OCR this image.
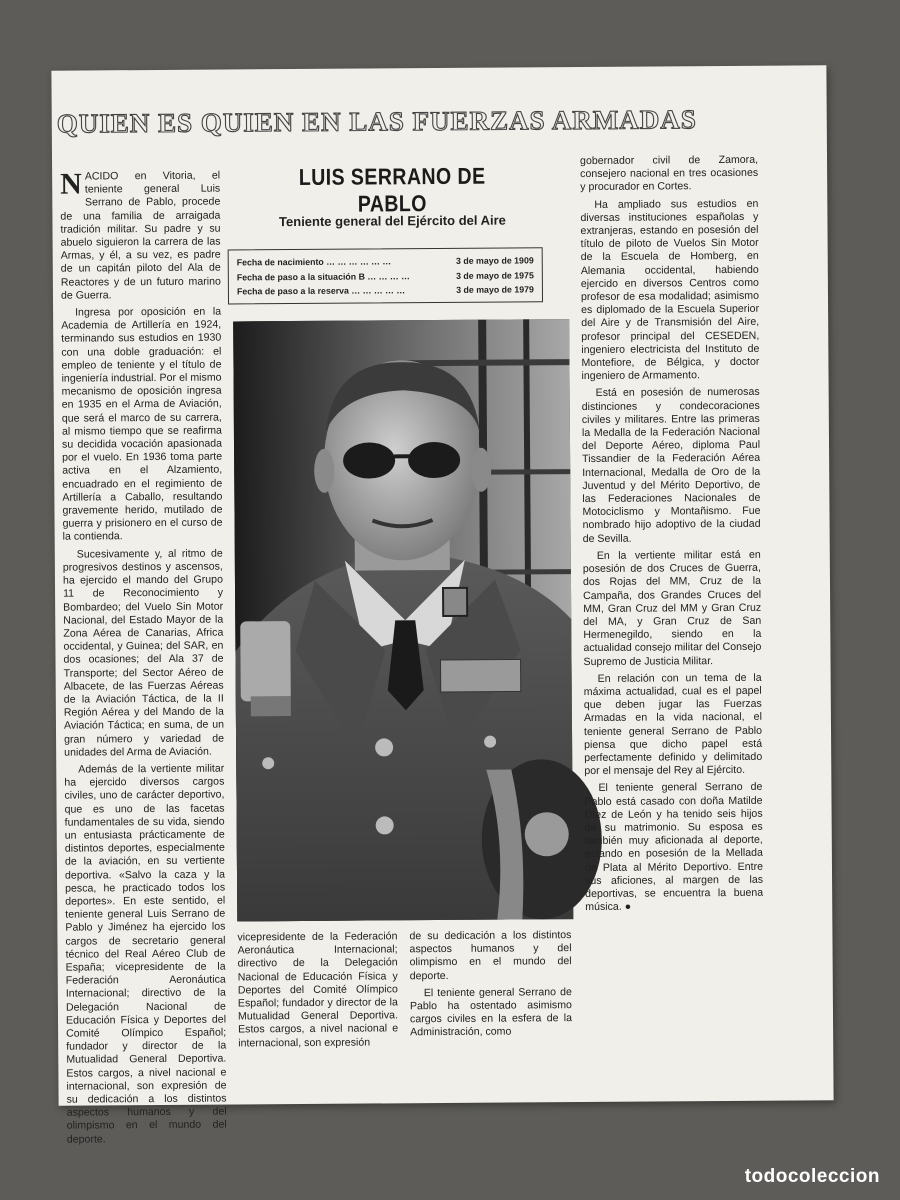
QUIEN ES QUIEN EN LAS FUERZAS ARMADAS

NACIDO en Vitoria, el teniente general Luis Serrano de Pablo, procede de una familia de arraigada tradición militar. Su padre y su abuelo siguieron la carrera de las Armas, y él, a su vez, es padre de un capitán piloto del Ala de Reactores y de un futuro marino de Guerra.

Ingresa por oposición en la Academia de Artillería en 1924, terminando sus estudios en 1930 con una doble graduación: el empleo de teniente y el título de ingeniería industrial. Por el mismo mecanismo de oposición ingresa en 1935 en el Arma de Aviación, que será el marco de su carrera, al mismo tiempo que se reafirma su decidida vocación apasionada por el vuelo. En 1936 toma parte activa en el Alzamiento, encuadrado en el regimiento de Artillería a Caballo, resultando gravemente herido, mutilado de guerra y prisionero en el curso de la contienda.

Sucesivamente y, al ritmo de progresivos destinos y ascensos, ha ejercido el mando del Grupo 11 de Reconocimiento y Bombardeo; del Vuelo Sin Motor Nacional, del Estado Mayor de la Zona Aérea de Canarias, Africa occidental, y Guinea; del SAR, en dos ocasiones; del Ala 37 de Transporte; del Sector Aéreo de Albacete, de las Fuerzas Aéreas de la Aviación Táctica, de la II Región Aérea y del Mando de la Aviación Táctica; en suma, de un gran número y variedad de unidades del Arma de Aviación.

Además de la vertiente militar ha ejercido diversos cargos civiles, uno de carácter deportivo, que es uno de las facetas fundamentales de su vida, siendo un entusiasta prácticamente de distintos deportes, especialmente de la aviación, en su vertiente deportiva. «Salvo la caza y la pesca, he practicado todos los deportes». En este sentido, el teniente general Luis Serrano de Pablo y Jiménez ha ejercido los cargos de secretario general técnico del Real Aéreo Club de España; vicepresidente de la Federación Aeronáutica Internacional; directivo de la Delegación Nacional de Educación Física y Deportes del Comité Olímpico Español; fundador y director de la Mutualidad General Deportiva. Estos cargos, a nivel nacional e internacional, son expresión de su dedicación a los distintos aspectos humanos y del olimpismo en el mundo del deporte.

LUIS SERRANO DE PABLO
Teniente general del Ejército del Aire
Fecha de nacimiento … … … … … …	3 de mayo de 1909
Fecha de paso a la situación B … … … …	3 de mayo de 1975
Fecha de paso a la reserva … … … … …	3 de mayo de 1979

vicepresidente de la Federación Aeronáutica Internacional; directivo de la Delegación Nacional de Educación Física y Deportes del Comité Olímpico Español; fundador y director de la Mutualidad General Deportiva. Estos cargos, a nivel nacional e internacional, son expresión

de su dedicación a los distintos aspectos humanos y del olimpismo en el mundo del deporte.

El teniente general Serrano de Pablo ha ostentado asimismo cargos civiles en la esfera de la Administración, como

gobernador civil de Zamora, consejero nacional en tres ocasiones y procurador en Cortes.

Ha ampliado sus estudios en diversas instituciones españolas y extranjeras, estando en posesión del título de piloto de Vuelos Sin Motor de la Escuela de Homberg, en Alemania occidental, habiendo ejercido en diversos Centros como profesor de esa modalidad; asimismo es diplomado de la Escuela Superior del Aire y de Transmisión del Aire, profesor principal del CESEDEN, ingeniero electricista del Instituto de Montefiore, de Bélgica, y doctor ingeniero de Armamento.

Está en posesión de numerosas distinciones y condecoraciones civiles y militares. Entre las primeras la Medalla de la Federación Nacional del Deporte Aéreo, diploma Paul Tissandier de la Federación Aérea Internacional, Medalla de Oro de la Juventud y del Mérito Deportivo, de las Federaciones Nacionales de Motociclismo y Montañismo. Fue nombrado hijo adoptivo de la ciudad de Sevilla.

En la vertiente militar está en posesión de dos Cruces de Guerra, dos Rojas del MM, Cruz de la Campaña, dos Grandes Cruces del MM, Gran Cruz del MM y Gran Cruz del MA, y Gran Cruz de San Hermenegildo, siendo en la actualidad consejo militar del Consejo Supremo de Justicia Militar.

En relación con un tema de la máxima actualidad, cual es el papel que deben jugar las Fuerzas Armadas en la vida nacional, el teniente general Serrano de Pablo piensa que dicho papel está perfectamente definido y delimitado por el mensaje del Rey al Ejército.

El teniente general Serrano de Pablo está casado con doña Matilde Díez de León y ha tenido seis hijos de su matrimonio. Su esposa es también muy aficionada al deporte, estando en posesión de la Mellada de Plata al Mérito Deportivo. Entre sus aficiones, al margen de las deportivas, se encuentra la buena música. ●

todocoleccion
